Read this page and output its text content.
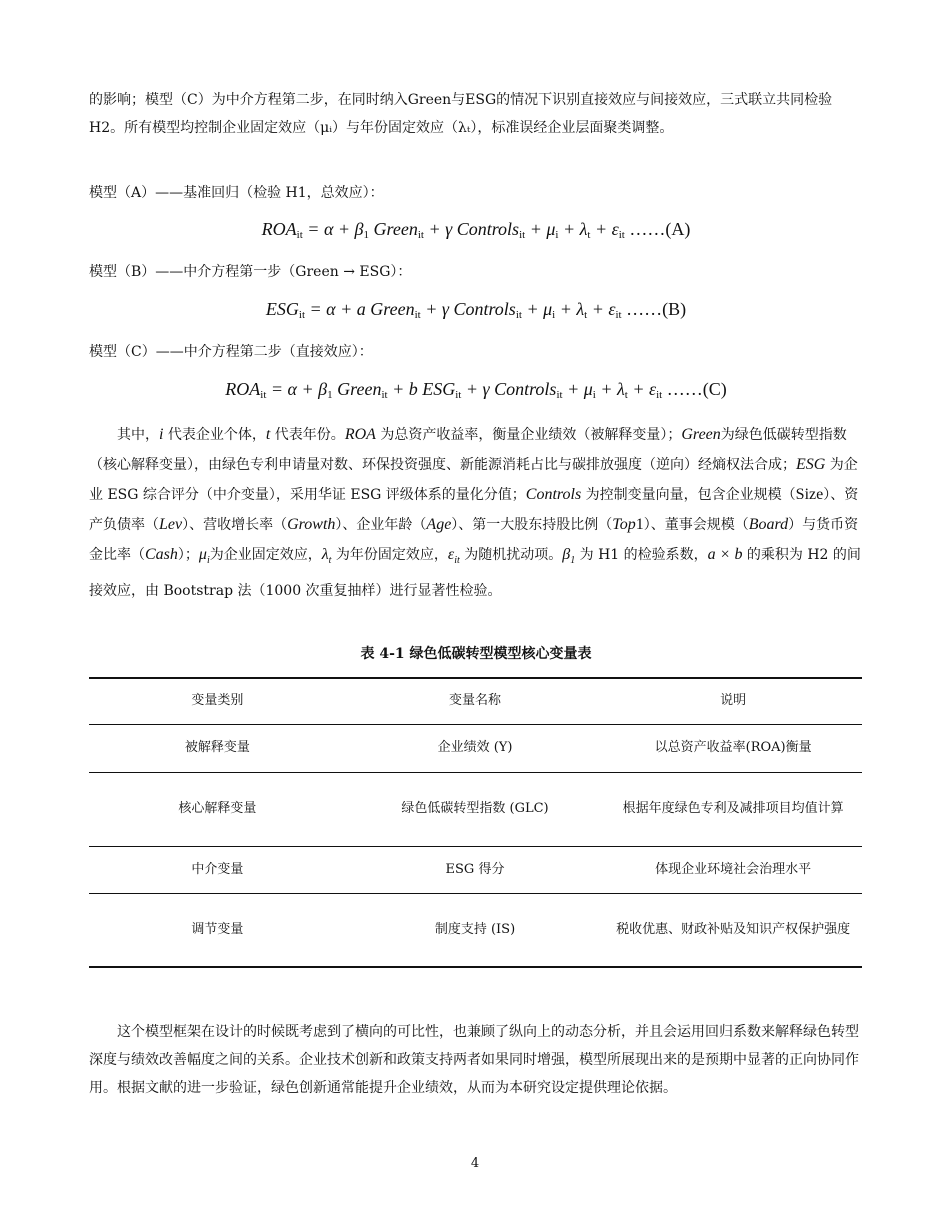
的影响；模型（C）为中介方程第二步，在同时纳入Green与ESG的情况下识别直接效应与间接效应，三式联立共同检验H2。所有模型均控制企业固定效应（μᵢ）与年份固定效应（λₜ），标准误经企业层面聚类调整。

模型（A）——基准回归（检验 H1，总效应）：

$ROA_{it} = \alpha + \beta_1$ Green$_{it}$ + γ Controls$_{it}$ + $\mu_i + \lambda_t + \varepsilon_{it}$ ……(A)

模型（B）——中介方程第一步（Green → ESG）：

$ESG_{it} = \alpha + a$ Green$_{it}$ + γ Controls$_{it}$ + $\mu_i + \lambda_t + \varepsilon_{it}$ ……(B)

模型（C）——中介方程第二步（直接效应）：

$ROA_{it} = \alpha + \beta_1$ Green$_{it}$ + b $ESG_{it} + \gamma$ Controls$_{it}$ + $\mu_i + \lambda_t + \varepsilon_{it}$ ……(C)

其中，i 代表企业个体，t 代表年份。ROA 为总资产收益率，衡量企业绩效（被解释变量）；Green为绿色低碳转型指数（核心解释变量），由绿色专利申请量对数、环保投资强度、新能源消耗占比与碳排放强度（逆向）经熵权法合成；ESG 为企业 ESG 综合评分（中介变量），采用华证 ESG 评级体系的量化分值；Controls 为控制变量向量，包含企业规模（Size）、资产负债率（Lev）、营收增长率（Growth）、企业年龄（Age）、第一大股东持股比例（Top1）、董事会规模（Board）与货币资金比率（Cash）；$\mu_i$为企业固定效应，$\lambda_t$ 为年份固定效应，$\varepsilon_{it}$ 为随机扰动项。$\beta_1$ 为 H1 的检验系数，a × b 的乘积为 H2 的间接效应，由 Bootstrap 法（1000 次重复抽样）进行显著性检验。

表 4-1 绿色低碳转型模型核心变量表

变量类别	变量名称	说明
被解释变量	企业绩效 (Y)	以总资产收益率(ROA)衡量
核心解释变量	绿色低碳转型指数 (GLC)	根据年度绿色专利及减排项目均值计算
中介变量	ESG 得分	体现企业环境社会治理水平
调节变量	制度支持 (IS)	税收优惠、财政补贴及知识产权保护强度

这个模型框架在设计的时候既考虑到了横向的可比性，也兼顾了纵向上的动态分析，并且会运用回归系数来解释绿色转型深度与绩效改善幅度之间的关系。企业技术创新和政策支持两者如果同时增强，模型所展现出来的是预期中显著的正向协同作用。根据文献的进一步验证，绿色创新通常能提升企业绩效，从而为本研究设定提供理论依据。

4
